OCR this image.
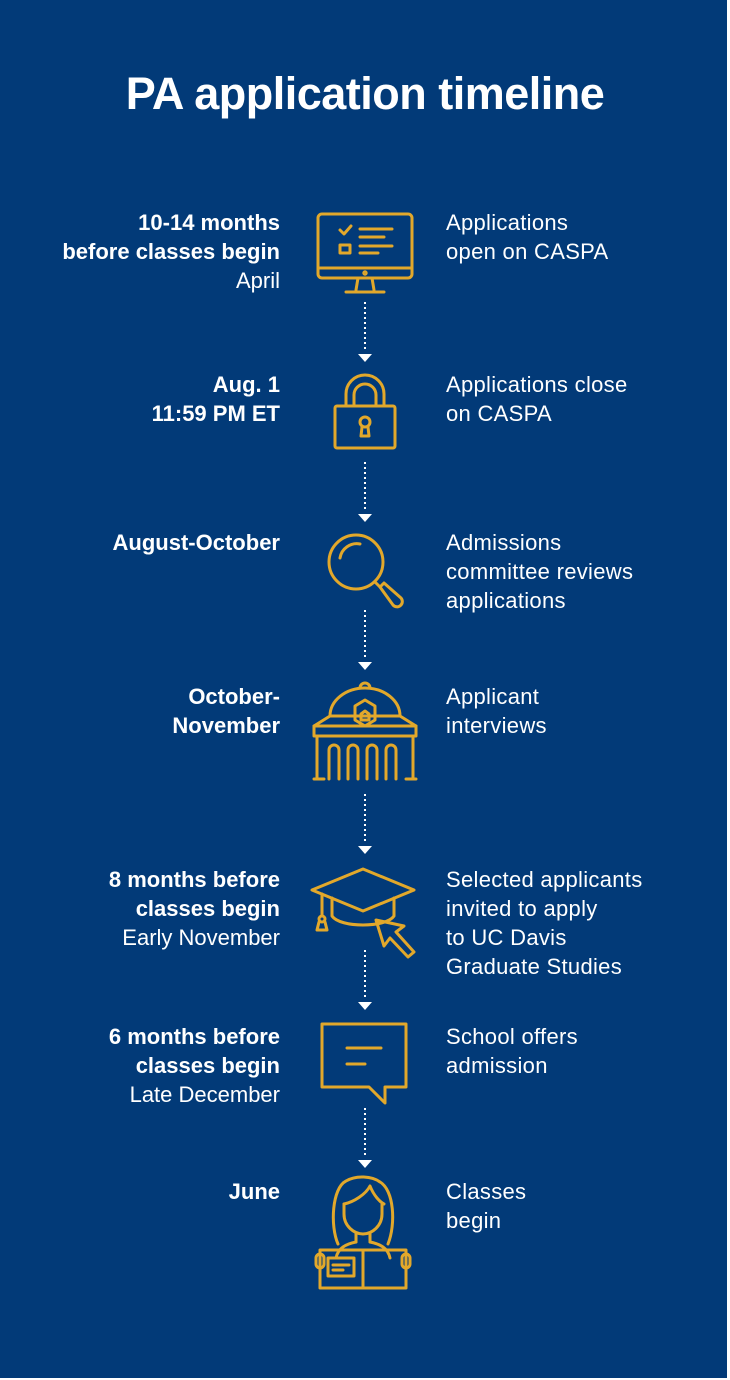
PA application timeline
10-14 months
before classes begin
April
Applications
open on CASPA
Aug. 1
11:59 PM ET
Applications close
on CASPA
August-October	Admissions
committee reviews
applications
October-
November
Applicant
interviews
8 months before
classes begin
Early November
Selected applicants
invited to apply
to UC Davis
Graduate Studies
6 months before
classes begin
Late December
School offers
admission
June	Classes
begin
